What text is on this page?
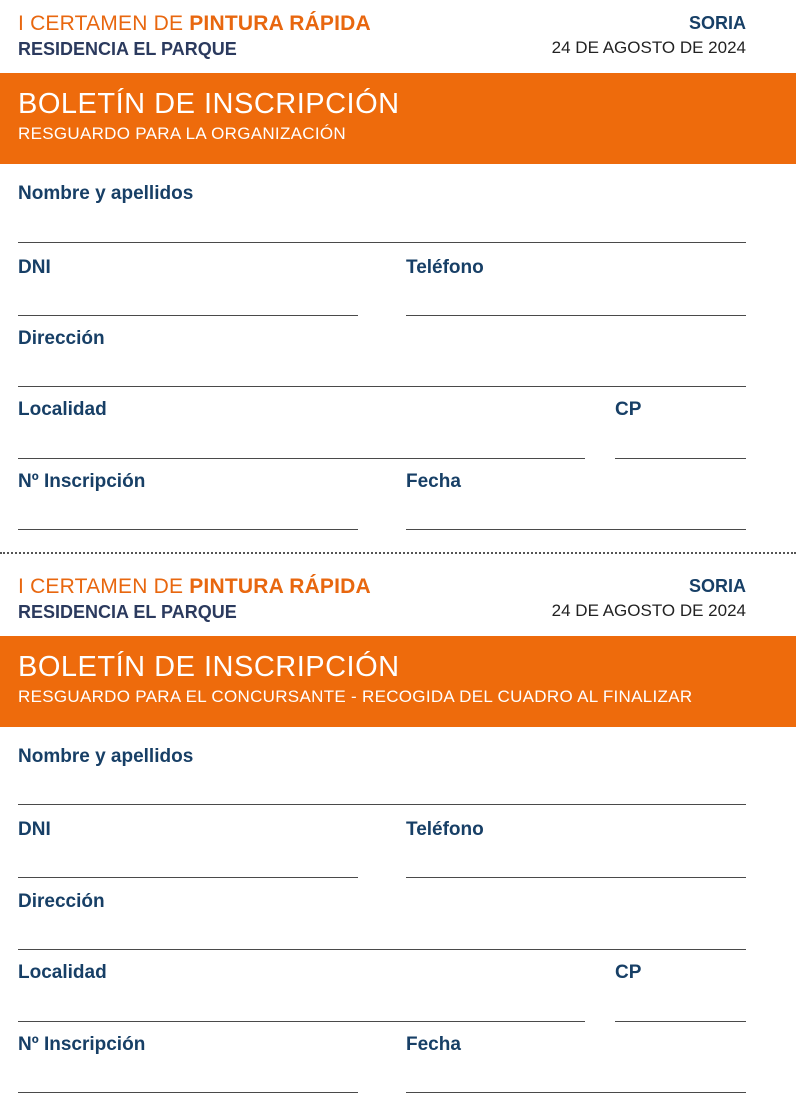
I CERTAMEN DE PINTURA RÁPIDA
RESIDENCIA EL PARQUE
SORIA
24 DE AGOSTO DE 2024
BOLETÍN DE INSCRIPCIÓN
RESGUARDO PARA LA ORGANIZACIÓN
Nombre y apellidos
DNI	Teléfono
Dirección
Localidad	CP
Nº Inscripción	Fecha
I CERTAMEN DE PINTURA RÁPIDA
RESIDENCIA EL PARQUE
SORIA
24 DE AGOSTO DE 2024
BOLETÍN DE INSCRIPCIÓN
RESGUARDO PARA EL CONCURSANTE - RECOGIDA DEL CUADRO AL FINALIZAR
Nombre y apellidos
DNI	Teléfono
Dirección
Localidad	CP
Nº Inscripción	Fecha
